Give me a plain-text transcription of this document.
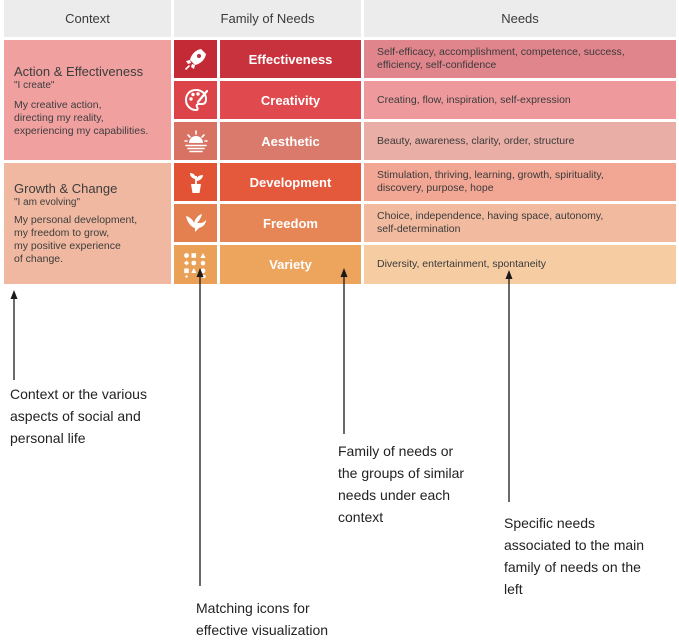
Context	Family of Needs	Needs
Action & Effectiveness
"I create"
My creative action,
directing my reality,
experiencing my capabilities.
Growth & Change
"I am evolving"
My personal development,
my freedom to grow,
my positive experience
of change.
Effectiveness	Self-efficacy, accomplishment, competence, success,
efficiency, self-confidence
Creativity	Creating, flow, inspiration, self-expression
Aesthetic	Beauty, awareness, clarity, order, structure
Development	Stimulation, thriving, learning, growth, spirituality,
discovery, purpose, hope
Freedom	Choice, independence, having space, autonomy,
self-determination
Variety	Diversity, entertainment, spontaneity
Context or the various
aspects of social and
personal life
Family of needs or
the groups of similar
needs under each
context	Specific needs
associated to the main
family of needs on the
left
Matching icons for
effective visualization
